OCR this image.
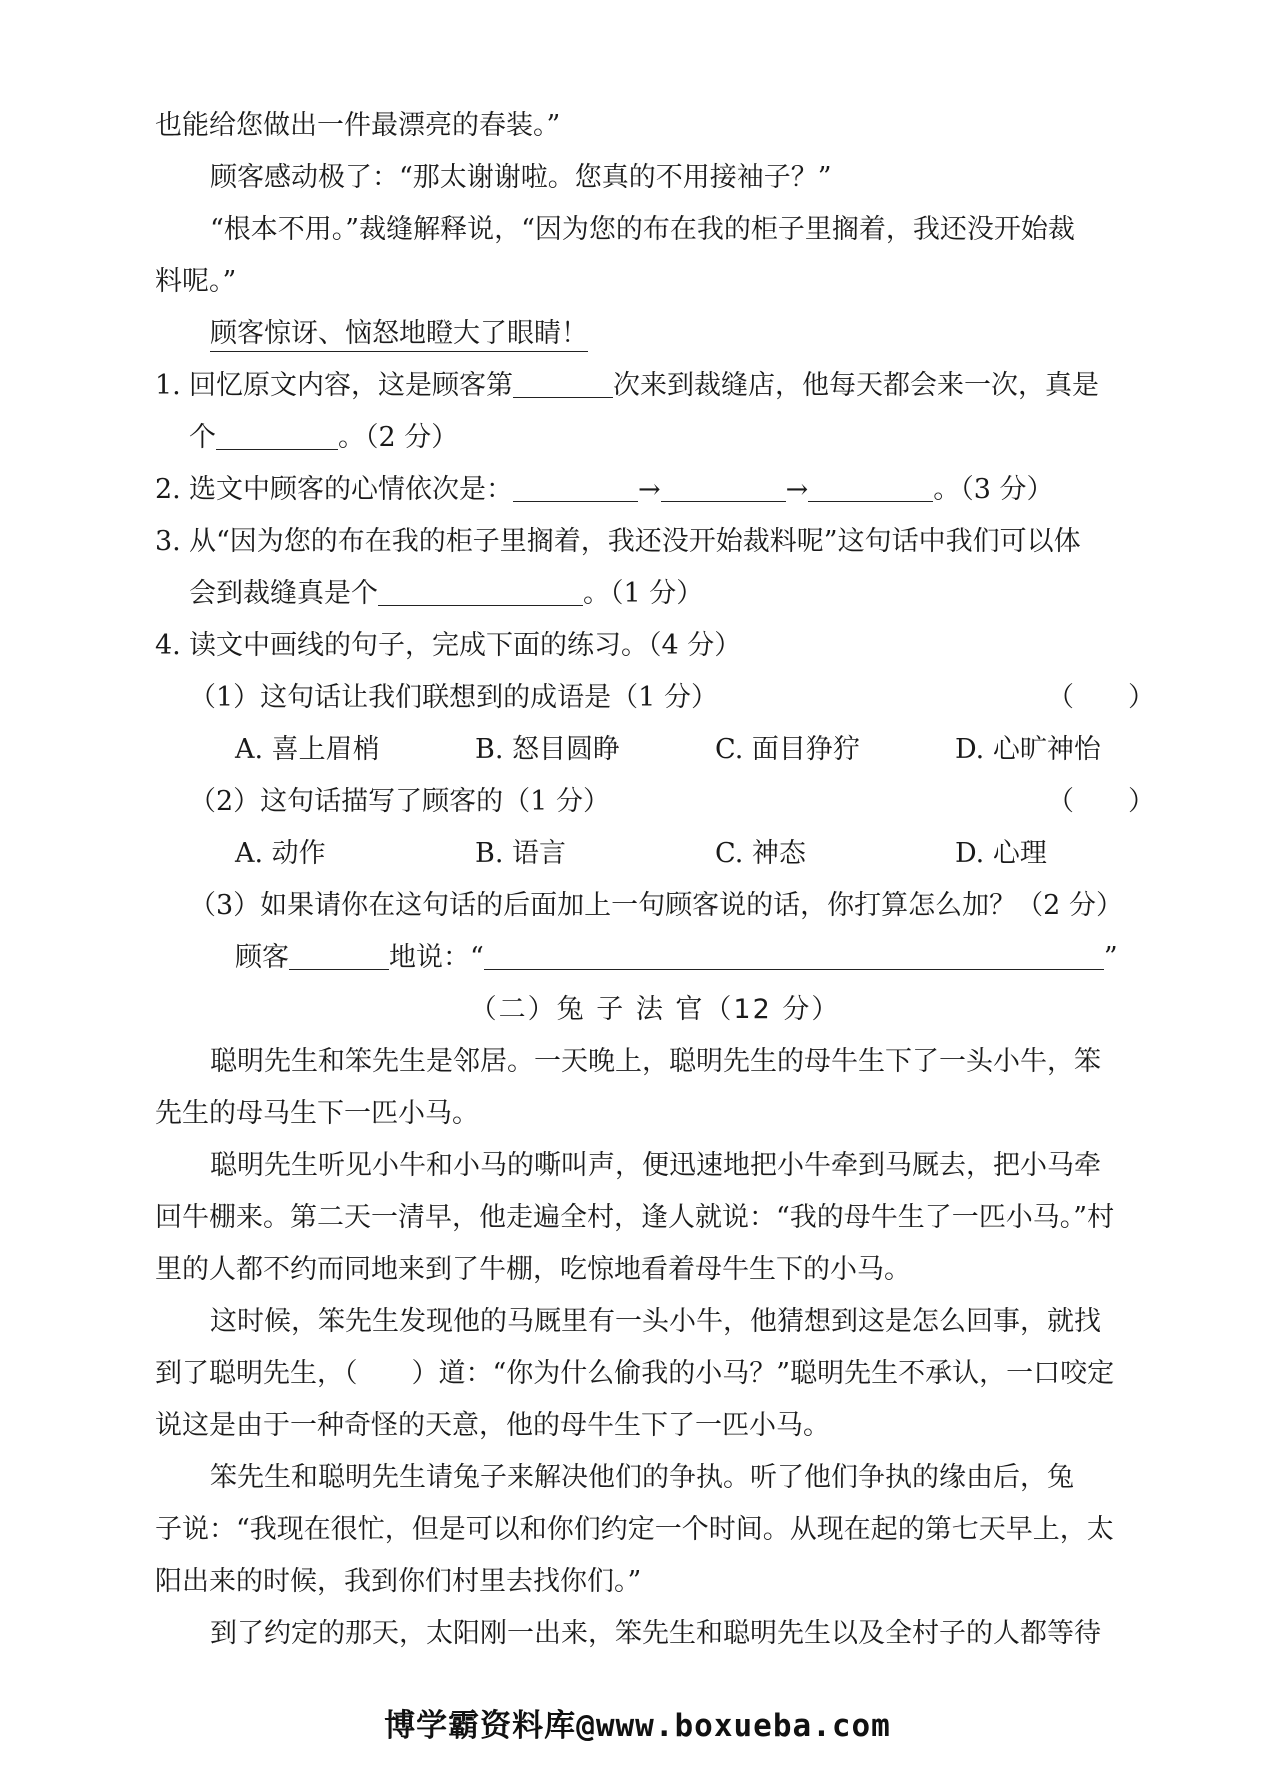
也能给您做出一件最漂亮的春装。”
顾客感动极了：“那太谢谢啦。您真的不用接袖子？”
“根本不用。”裁缝解释说，“因为您的布在我的柜子里搁着，我还没开始裁
料呢。”
顾客惊讶、恼怒地瞪大了眼睛！
1. 回忆原文内容，这是顾客第	次来到裁缝店，他每天都会来一次，真是
个	。（2 分）
2. 选文中顾客的心情依次是：	→	→	。（3 分）
3. 从“因为您的布在我的柜子里搁着，我还没开始裁料呢”这句话中我们可以体
会到裁缝真是个	。（1 分）
4. 读文中画线的句子，完成下面的练习。（4 分）
（1）这句话让我们联想到的成语是（1 分）	（　　）
A. 喜上眉梢	B. 怒目圆睁	C. 面目狰狞	D. 心旷神怡
（2）这句话描写了顾客的（1 分）	（　　）
A. 动作	B. 语言	C. 神态	D. 心理
（3）如果请你在这句话的后面加上一句顾客说的话，你打算怎么加？（2 分）
顾客	地说：“	”
（二）兔 子 法 官（12 分）
聪明先生和笨先生是邻居。一天晚上，聪明先生的母牛生下了一头小牛，笨
先生的母马生下一匹小马。
聪明先生听见小牛和小马的嘶叫声，便迅速地把小牛牵到马厩去，把小马牵
回牛棚来。第二天一清早，他走遍全村，逢人就说：“我的母牛生了一匹小马。”村
里的人都不约而同地来到了牛棚，吃惊地看着母牛生下的小马。
这时候，笨先生发现他的马厩里有一头小牛，他猜想到这是怎么回事，就找
到了聪明先生，（　　）道：“你为什么偷我的小马？”聪明先生不承认，一口咬定
说这是由于一种奇怪的天意，他的母牛生下了一匹小马。
笨先生和聪明先生请兔子来解决他们的争执。听了他们争执的缘由后，兔
子说：“我现在很忙，但是可以和你们约定一个时间。从现在起的第七天早上，太
阳出来的时候，我到你们村里去找你们。”
到了约定的那天，太阳刚一出来，笨先生和聪明先生以及全村子的人都等待
博学霸资料库@www.boxueba.com
